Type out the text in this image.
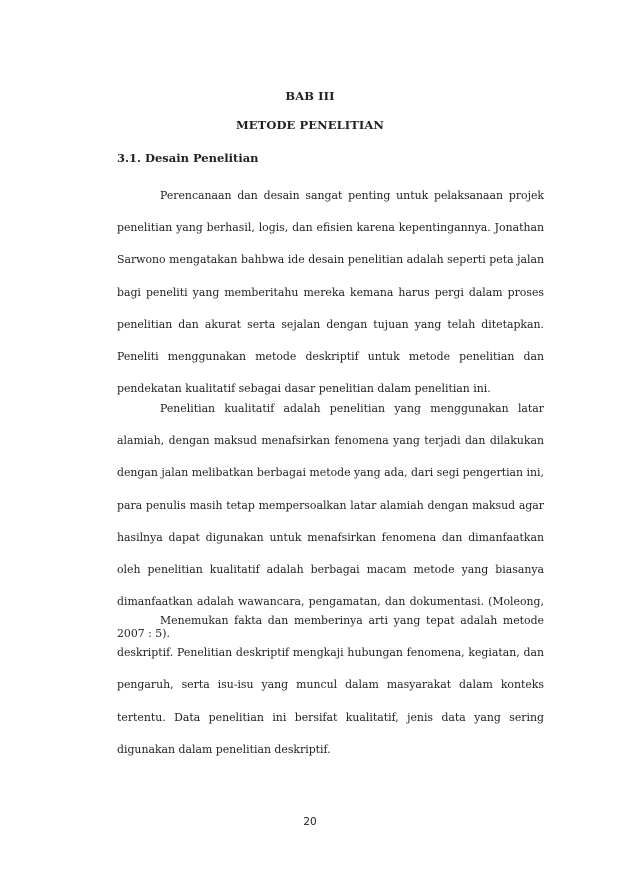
BAB III
METODE PENELITIAN
3.1. Desain Penelitian

Perencanaan dan desain sangat penting untuk pelaksanaan projek penelitian yang berhasil, logis, dan efisien karena kepentingannya. Jonathan Sarwono mengatakan bahbwa ide desain penelitian adalah seperti peta jalan bagi peneliti yang memberitahu mereka kemana harus pergi dalam proses penelitian dan akurat serta sejalan dengan tujuan yang telah ditetapkan. Peneliti menggunakan metode deskriptif untuk metode penelitian dan pendekatan kualitatif sebagai dasar penelitian dalam penelitian ini.

Penelitian kualitatif adalah penelitian yang menggunakan latar alamiah, dengan maksud menafsirkan fenomena yang terjadi dan dilakukan dengan jalan melibatkan berbagai metode yang ada, dari segi pengertian ini, para penulis masih tetap mempersoalkan latar alamiah dengan maksud agar hasilnya dapat digunakan untuk menafsirkan fenomena dan dimanfaatkan oleh penelitian kualitatif adalah berbagai macam metode yang biasanya dimanfaatkan adalah wawancara, pengamatan, dan dokumentasi. (Moleong, 2007 : 5).

Menemukan fakta dan memberinya arti yang tepat adalah metode deskriptif. Penelitian deskriptif mengkaji hubungan fenomena, kegiatan, dan pengaruh, serta isu-isu yang muncul dalam masyarakat dalam konteks tertentu. Data penelitian ini bersifat kualitatif, jenis data yang sering digunakan dalam penelitian deskriptif.

20
